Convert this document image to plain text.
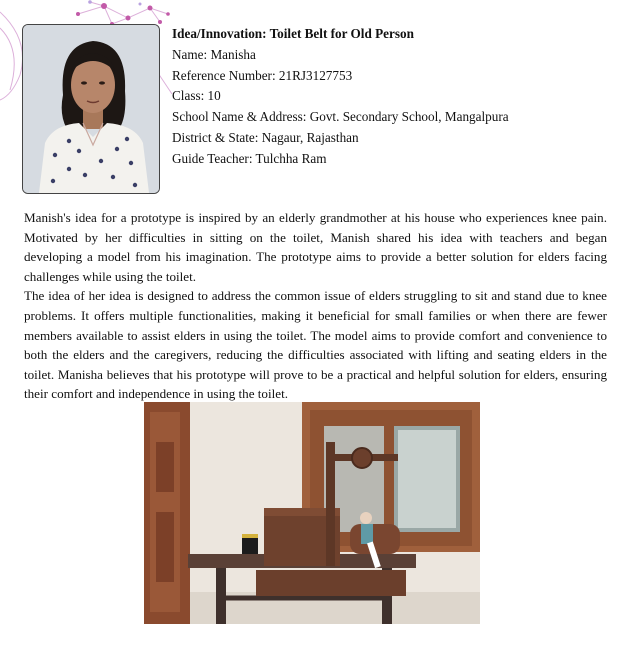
Idea/Innovation: Toilet Belt for Old Person
Name: Manisha
Reference Number: 21RJ3127753
Class: 10
School Name & Address: Govt. Secondary School, Mangalpura
District & State: Nagaur, Rajasthan
Guide Teacher: Tulchha Ram

Manish's idea for a prototype is inspired by an elderly grandmother at his house who experiences knee pain. Motivated by her difficulties in sitting on the toilet, Manish shared his idea with teachers and began developing a model from his imagination. The prototype aims to provide a better solution for elders facing challenges while using the toilet.

The idea of her idea is designed to address the common issue of elders struggling to sit and stand due to knee problems. It offers multiple functionalities, making it beneficial for small families or when there are fewer members available to assist elders in using the toilet. The model aims to provide comfort and convenience to both the elders and the caregivers, reducing the difficulties associated with lifting and seating elders in the toilet. Manisha believes that his prototype will prove to be a practical and helpful solution for elders, ensuring their comfort and independence in using the toilet.
